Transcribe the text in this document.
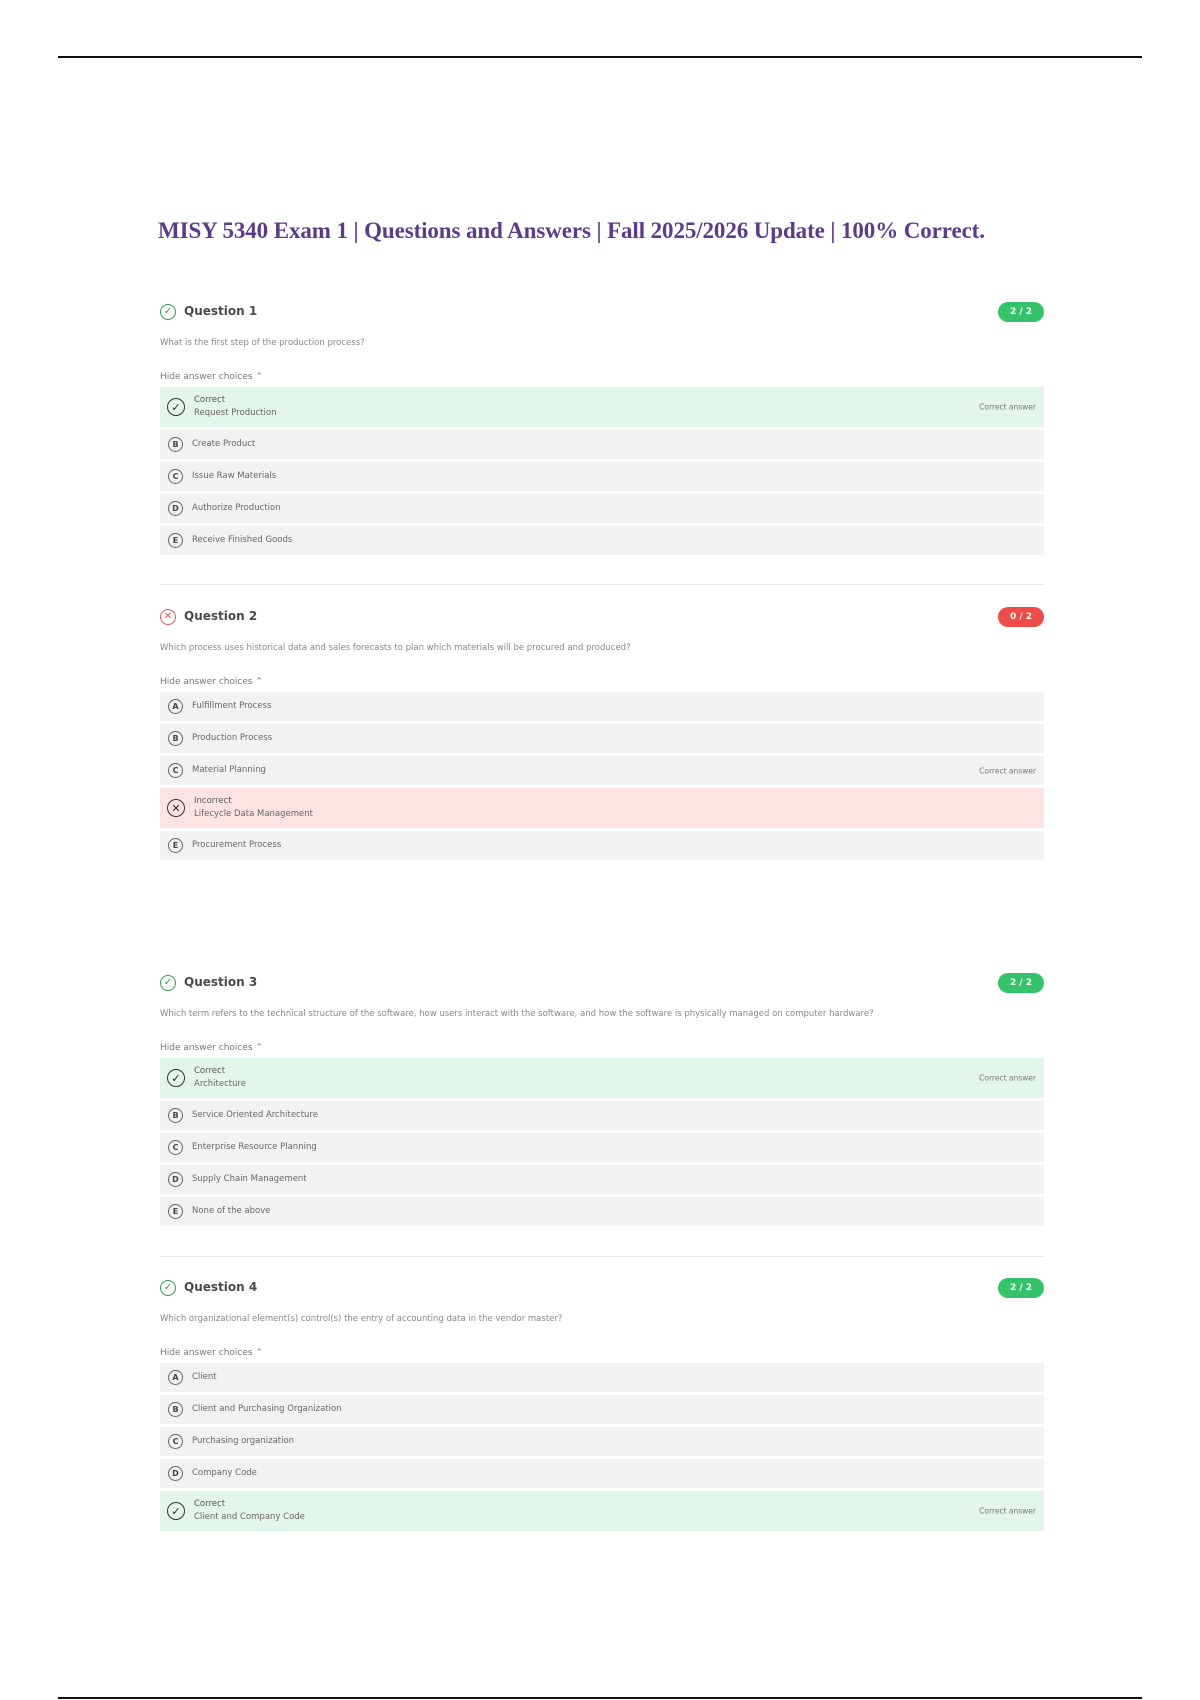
MISY 5340 Exam 1 | Questions and Answers | Fall 2025/2026 Update | 100% Correct.
✓ Question 1	2 / 2
What is the first step of the production process?
Hide answer choices ⌃
✓
Correct
Request Production
Correct answer
B	Create Product
C	Issue Raw Materials
D	Authorize Production
E	Receive Finished Goods
✕ Question 2	0 / 2
Which process uses historical data and sales forecasts to plan which materials will be procured and produced?
Hide answer choices ⌃
A	Fulfillment Process
B	Production Process
C	Material Planning	Correct answer
✕
Incorrect
Lifecycle Data Management
E	Procurement Process
✓ Question 3	2 / 2
Which term refers to the technical structure of the software, how users interact with the software, and how the software is physically managed on computer hardware?
Hide answer choices ⌃
✓
Correct
Architecture
Correct answer
B	Service Oriented Architecture
C	Enterprise Resource Planning
D	Supply Chain Management
E	None of the above
✓ Question 4	2 / 2
Which organizational element(s) control(s) the entry of accounting data in the vendor master?
Hide answer choices ⌃
A	Client
B	Client and Purchasing Organization
C	Purchasing organization
D	Company Code
✓
Correct
Client and Company Code
Correct answer
